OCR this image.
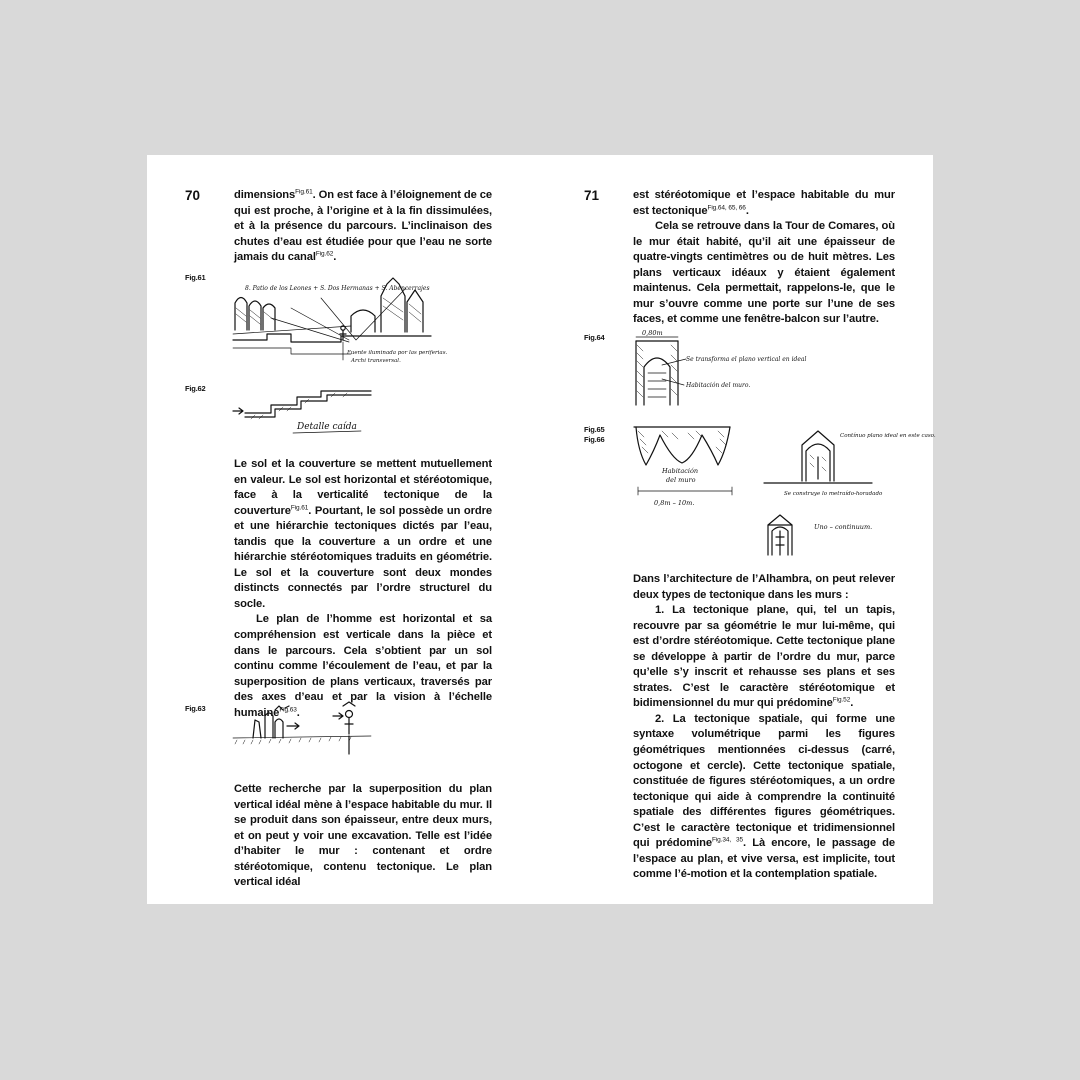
70	dimensions$^{Fig.61}$. On est face à l’éloignement de ce qui est proche, à l’origine et à la fin dissimulées, et à la présence du parcours. L’inclinaison des chutes d’eau est étudiée pour que l’eau ne sorte jamais du canal$^{Fig.62}$.

Fig.61
8. Patio de los Leones + S. Dos Hermanas + S. Abencerrajes
Fuente iluminada por las periferias.
Archi transversal.
Fig.62
Detalle caída

Le sol et la couverture se mettent mutuellement en valeur. Le sol est horizontal et stéréotomique, face à la verticalité tectonique de la couverture$^{Fig.61}$. Pourtant, le sol possède un ordre et une hiérarchie tectoniques dictés par l’eau, tandis que la couverture a un ordre et une hiérarchie stéréotomiques traduits en géométrie. Le sol et la couverture sont deux mondes distincts connectés par l’ordre structurel du socle.

Le plan de l’homme est horizontal et sa compréhension est verticale dans la pièce et dans le parcours. Cela s’obtient par un sol continu comme l’écoulement de l’eau, et par la superposition de plans verticaux, traversés par des axes d’eau et par la vision à l’échelle humaine$^{Fig.63}$.

Fig.63
Cette recherche par la superposition du plan vertical idéal mène à l’espace habitable du mur. Il se produit dans son épaisseur, entre deux murs, et on peut y voir une excavation. Telle est l’idée d’habiter le mur : contenant et ordre stéréotomique, contenu tectonique. Le plan vertical idéal
71	est stéréotomique et l’espace habitable du mur est tectonique$^{Fig.64, 65, 66}$.

Cela se retrouve dans la Tour de Comares, où le mur était habité, qu’il ait une épaisseur de quatre-vingts centimètres ou de huit mètres. Les plans verticaux idéaux y étaient également maintenus. Cela permettait, rappelons-le, que le mur s’ouvre comme une porte sur l’une de ses faces, et comme une fenêtre-balcon sur l’autre.

Fig.64	0,80m
Se transforma el plano vertical en ideal
Habitación del muro.
Fig.65
Fig.66
Habitación
del muro
0,8m – 10m.
Contínuo plano ideal en este caso.
Se construye lo metraído-horadado
Uno – continuum.

Dans l’architecture de l’Alhambra, on peut relever deux types de tectonique dans les murs :

1. La tectonique plane, qui, tel un tapis, recouvre par sa géométrie le mur lui-même, qui est d’ordre stéréotomique. Cette tectonique plane se développe à partir de l’ordre du mur, parce qu’elle s’y inscrit et rehausse ses plans et ses strates. C’est le caractère stéréotomique et bidimensionnel du mur qui prédomine$^{Fig.52}$.

2. La tectonique spatiale, qui forme une syntaxe volumétrique parmi les figures géométriques mentionnées ci-dessus (carré, octogone et cercle). Cette tectonique spatiale, constituée de figures stéréotomiques, a un ordre tectonique qui aide à comprendre la continuité spatiale des différentes figures géométriques. C’est le caractère tectonique et tridimensionnel qui prédomine$^{Fig.34, 35}$. Là encore, le passage de l’espace au plan, et vive versa, est implicite, tout comme l’é-motion et la contemplation spatiale.
